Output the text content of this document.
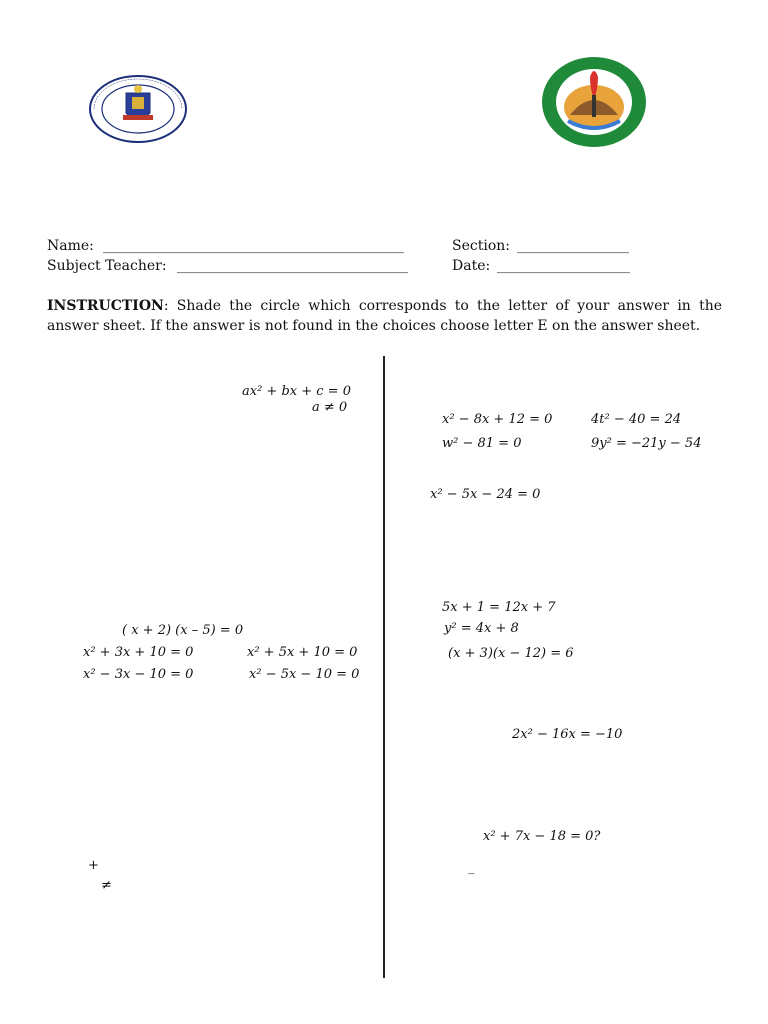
Name: ___________________________________________	Section: ________________
Subject Teacher: _________________________________	Date: ___________________
INSTRUCTION: Shade the circle which corresponds to the letter of your answer in the answer sheet. If the answer is not found in the choices choose letter E on the answer sheet.
ax² + bx + c = 0
a ≠ 0
( x + 2) (x – 5) = 0
x² + 3x + 10 = 0	x² + 5x + 10 = 0
x² − 3x − 10 = 0	x² − 5x − 10 = 0
+
≠
x² − 8x + 12 = 0	4t² − 40 = 24
w² − 81 = 0	9y² = −21y − 54
x² − 5x − 24 = 0
5x + 1 = 12x + 7
y² = 4x + 8
(x + 3)(x − 12) = 6
2x² − 16x = −10
x² + 7x − 18 = 0?
_
